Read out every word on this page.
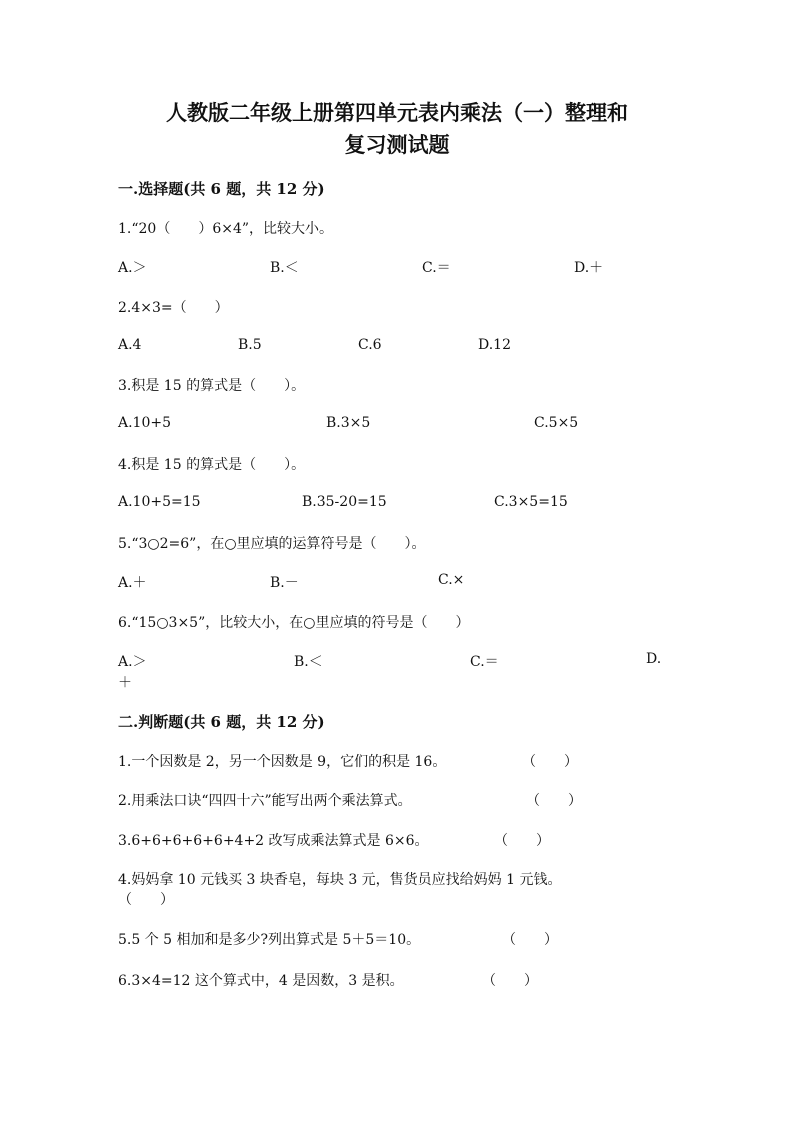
人教版二年级上册第四单元表内乘法（一）整理和
复习测试题
一.选择题(共 6 题，共 12 分)
1.“20（　　）6×4”，比较大小。
A.＞	B.＜	C.＝	D.＋
2.4×3=（　　）
A.4	B.5	C.6	D.12
3.积是 15 的算式是（　　）。
A.10+5	B.3×5	C.5×5
4.积是 15 的算式是（　　）。
A.10+5=15	B.35-20=15	C.3×5=15
5.“3○2=6”，在○里应填的运算符号是（　　）。
A.＋	B.－	C.×
6.“15○3×5”，比较大小，在○里应填的符号是（　　）
A.＞	B.＜	C.＝	D.
＋
二.判断题(共 6 题，共 12 分)
1.一个因数是 2，另一个因数是 9，它们的积是 16。	（　　）
2.用乘法口诀“四四十六”能写出两个乘法算式。	（　　）
3.6+6+6+6+6+4+2 改写成乘法算式是 6×6。	（　　）
4.妈妈拿 10 元钱买 3 块香皂，每块 3 元，售货员应找给妈妈 1 元钱。
（　　）
5.5 个 5 相加和是多少?列出算式是 5＋5＝10。	（　　）
6.3×4=12 这个算式中，4 是因数，3 是积。	（　　）
